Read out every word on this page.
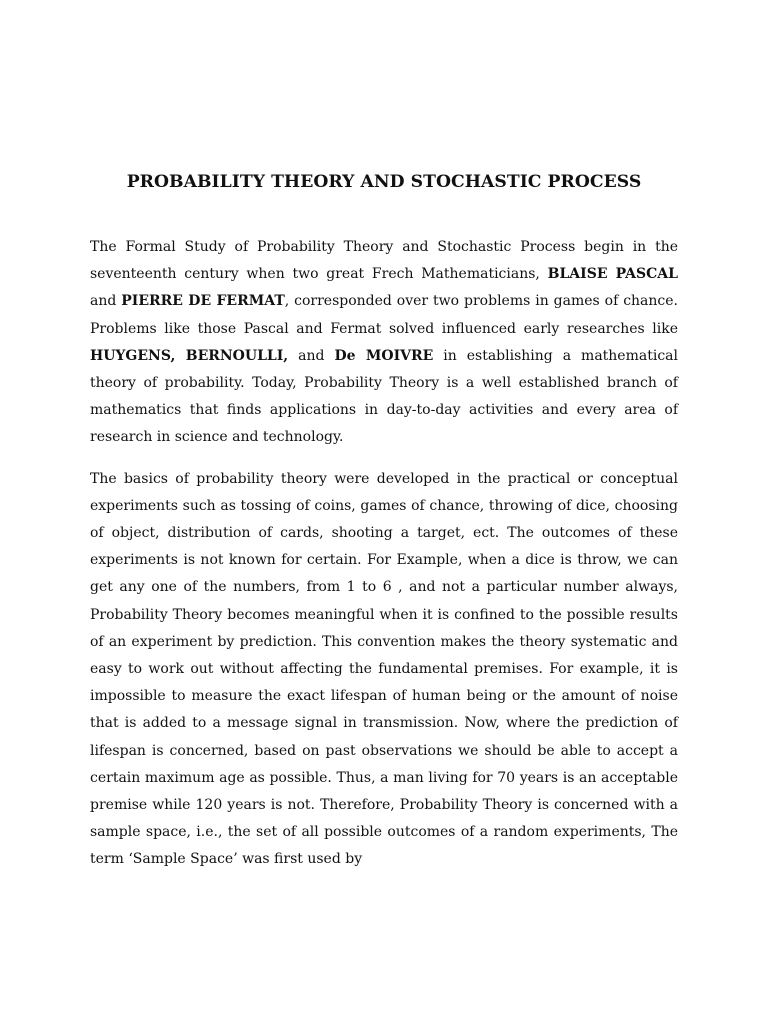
PROBABILITY THEORY AND STOCHASTIC PROCESS

The Formal Study of Probability Theory and Stochastic Process begin in the seventeenth century when two great Frech Mathematicians, BLAISE PASCAL and PIERRE DE FERMAT, corresponded over two problems in games of chance. Problems like those Pascal and Fermat solved influenced early researches like HUYGENS, BERNOULLI, and De MOIVRE in establishing a mathematical theory of probability. Today, Probability Theory is a well established branch of mathematics that finds applications in day-to-day activities and every area of research in science and technology.

The basics of probability theory were developed in the practical or conceptual experiments such as tossing of coins, games of chance, throwing of dice, choosing of object, distribution of cards, shooting a target, ect. The outcomes of these experiments is not known for certain. For Example, when a dice is throw, we can get any one of the numbers, from 1 to 6 , and not a particular number always, Probability Theory becomes meaningful when it is confined to the possible results of an experiment by prediction. This convention makes the theory systematic and easy to work out without affecting the fundamental premises. For example, it is impossible to measure the exact lifespan of human being or the amount of noise that is added to a message signal in transmission. Now, where the prediction of lifespan is concerned, based on past observations we should be able to accept a certain maximum age as possible. Thus, a man living for 70 years is an acceptable premise while 120 years is not. Therefore, Probability Theory is concerned with a sample space, i.e., the set of all possible outcomes of a random experiments, The term ‘Sample Space’ was first used by
